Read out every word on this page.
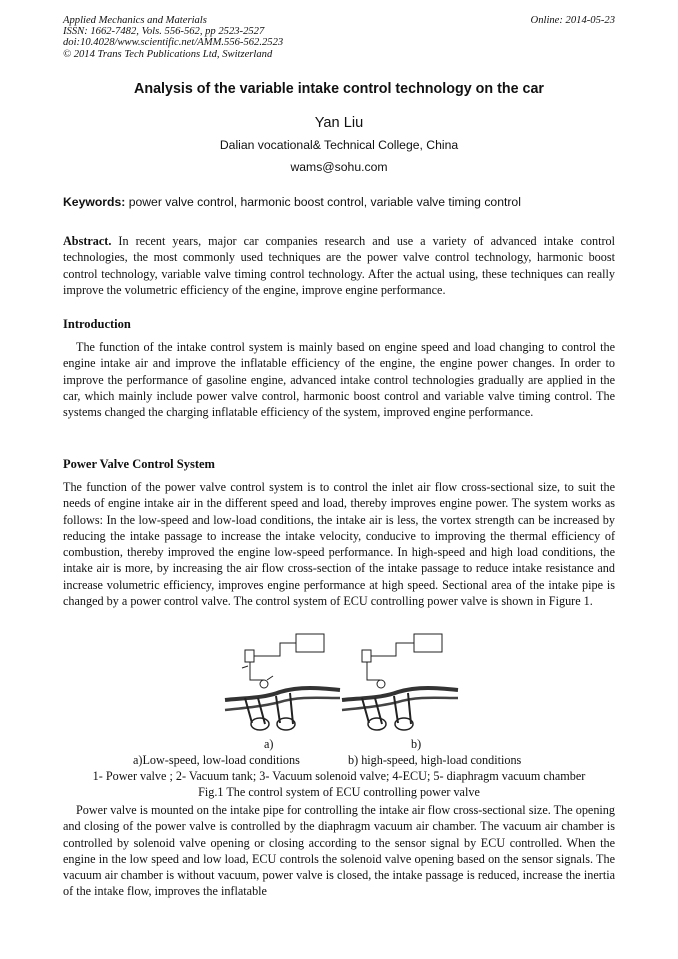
Applied Mechanics and Materials
ISSN: 1662-7482, Vols. 556-562, pp 2523-2527
doi:10.4028/www.scientific.net/AMM.556-562.2523
© 2014 Trans Tech Publications Ltd, Switzerland
Online: 2014-05-23
Analysis of the variable intake control technology on the car
Yan Liu
Dalian vocational& Technical College, China
wams@sohu.com
Keywords: power valve control, harmonic boost control, variable valve timing control
Abstract. In recent years, major car companies research and use a variety of advanced intake control technologies, the most commonly used techniques are the power valve control technology, harmonic boost control technology, variable valve timing control technology. After the actual using, these techniques can really improve the volumetric efficiency of the engine, improve engine performance.
Introduction
The function of the intake control system is mainly based on engine speed and load changing to control the engine intake air and improve the inflatable efficiency of the engine, the engine power changes. In order to improve the performance of gasoline engine, advanced intake control technologies gradually are applied in the car, which mainly include power valve control, harmonic boost control and variable valve timing control. The systems changed the charging inflatable efficiency of the system, improved engine performance.
Power Valve Control System
The function of the power valve control system is to control the inlet air flow cross-sectional size, to suit the needs of engine intake air in the different speed and load, thereby improves engine power. The system works as follows: In the low-speed and low-load conditions, the intake air is less, the vortex strength can be increased by reducing the intake passage to increase the intake velocity, conducive to improving the thermal efficiency of combustion, thereby improved the engine low-speed performance. In high-speed and high load conditions, the intake air is more, by increasing the air flow cross-section of the intake passage to reduce intake resistance and increase volumetric efficiency, improves engine performance at high speed. Sectional area of the intake pipe is changed by a power control valve. The control system of ECU controlling power valve is shown in Figure 1.
a)	b)
a)Low-speed, low-load conditions	b) high-speed, high-load conditions
1- Power valve ; 2- Vacuum tank; 3- Vacuum solenoid valve; 4-ECU; 5- diaphragm vacuum chamber
Fig.1 The control system of ECU controlling power valve
Power valve is mounted on the intake pipe for controlling the intake air flow cross-sectional size. The opening and closing of the power valve is controlled by the diaphragm vacuum air chamber. The vacuum air chamber is controlled by solenoid valve opening or closing according to the sensor signal by ECU controlled. When the engine in the low speed and low load, ECU controls the solenoid valve opening based on the sensor signals. The vacuum air chamber is without vacuum, power valve is closed, the intake passage is reduced, increase the inertia of the intake flow, improves the inflatable
